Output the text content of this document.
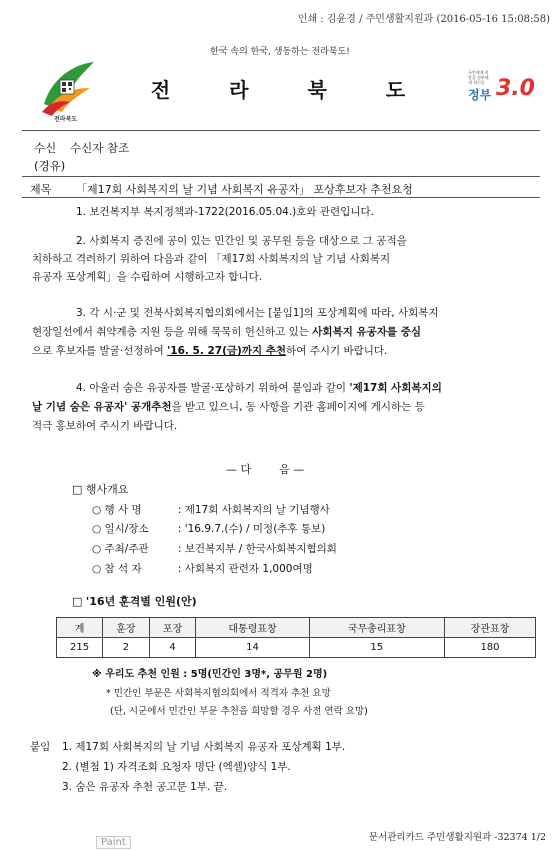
인쇄 : 김윤경 / 주민생활지원과 (2016-05-16 15:08:58)
한국 속의 한국, 생동하는 전라북도!
전라북도
전 라 북 도
국민에게 희망을 정부에게 혁신을
정부 3.0
수신 수신자 참조
(경유)
제목 「제17회 사회복지의 날 기념 사회복지 유공자」 포상후보자 추천요청
1. 보건복지부 복지정책과-1722(2016.05.04.)호와 관련입니다.
2. 사회복지 증진에 공이 있는 민간인 및 공무원 등을 대상으로 그 공적을
치하하고 격려하기 위하여 다음과 같이 「제17회 사회복지의 날 기념 사회복지
유공자 포상계획」을 수립하여 시행하고자 합니다.
3. 각 시·군 및 전북사회복지협의회에서는 [붙임1]의 포상계획에 따라, 사회복지
현장일선에서 취약계층 지원 등을 위해 묵묵히 헌신하고 있는 사회복지 유공자를 중심
으로 후보자를 발굴·선정하여 '16. 5. 27(금)까지 추천하여 주시기 바랍니다.
4. 아울러 숨은 유공자를 발굴·포상하기 위하여 붙임과 같이 '제17회 사회복지의
날 기념 숨은 유공자' 공개추천을 받고 있으니, 동 사항을 기관 홈페이지에 게시하는 등
적극 홍보하여 주시기 바랍니다.
— 다        음 —
□ 행사개요
○ 행 사 명	: 제17회 사회복지의 날 기념행사
○ 일시/장소	: '16.9.7.(수) / 미정(추후 통보)
○ 주최/주관	: 보건복지부 / 한국사회복지협의회
○ 참 석 자	: 사회복지 관련자 1,000여명
□ '16년 훈격별 인원(안)
계	훈장	포장	대통령표창	국무총리표창	장관표창
215	2	4	14	15	180
※ 우리도 추천 인원 : 5명(민간인 3명*, 공무원 2명)
* 민간인 부문은 사회복지협의회에서 적격자 추천 요망
(단, 시군에서 민간인 부문 추천을 희망할 경우 사전 연락 요망)
붙임 1. 제17회 사회복지의 날 기념 사회복지 유공자 포상계획 1부.
2. (별첨 1) 자격조회 요청자 명단 (엑셀)양식 1부.
3. 숨은 유공자 추천 공고문 1부. 끝.
Paint	문서관리카드 주민생활지원과 -32374 1/2
